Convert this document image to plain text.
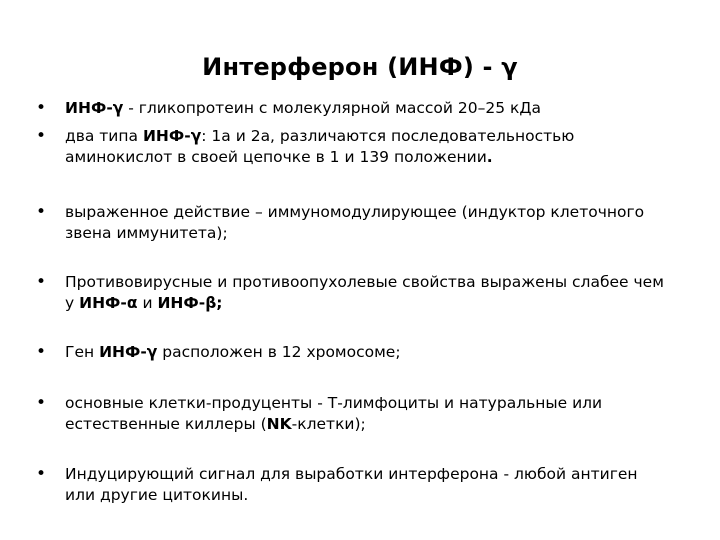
Интерферон (ИНФ) - γ
•	ИНФ-γ - гликопротеин с молекулярной массой 20–25 кДа
•	два типа ИНФ-γ: 1а и 2а, различаются последовательностью аминокислот в своей цепочке в 1 и 139 положении.
•	выраженное действие – иммуномодулирующее (индуктор клеточного звена иммунитета);
•	Противовирусные и противоопухолевые свойства выражены слабее чем у ИНФ-α и ИНФ-β;
•	Ген ИНФ-γ расположен в 12 хромосоме;
•	основные клетки-продуценты - Т-лимфоциты и натуральные или естественные киллеры (NK-клетки);
•	Индуцирующий сигнал для выработки интерферона - любой антиген или другие цитокины.
